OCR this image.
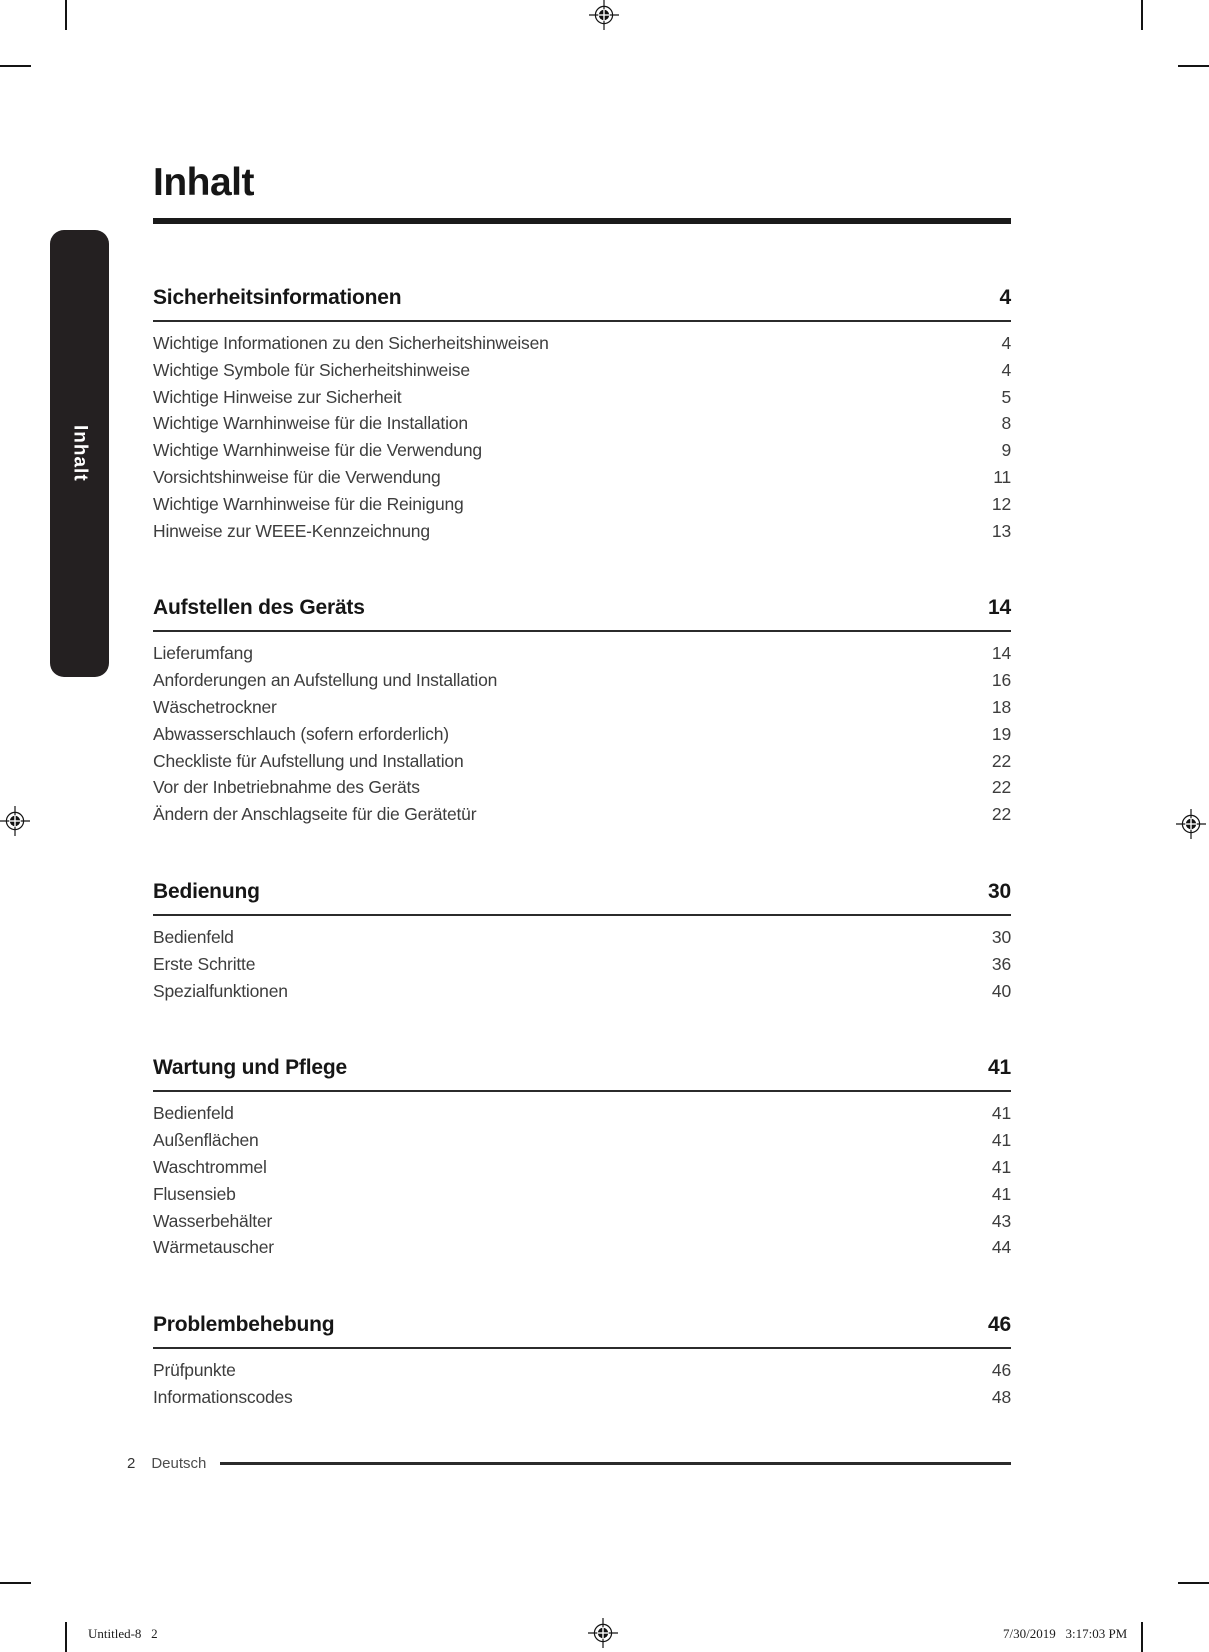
Inhalt
Inhalt
Sicherheitsinformationen	4
Wichtige Informationen zu den Sicherheitshinweisen	4
Wichtige Symbole für Sicherheitshinweise	4
Wichtige Hinweise zur Sicherheit	5
Wichtige Warnhinweise für die Installation	8
Wichtige Warnhinweise für die Verwendung	9
Vorsichtshinweise für die Verwendung	11
Wichtige Warnhinweise für die Reinigung	12
Hinweise zur WEEE-Kennzeichnung	13
Aufstellen des Geräts	14
Lieferumfang	14
Anforderungen an Aufstellung und Installation	16
Wäschetrockner	18
Abwasserschlauch (sofern erforderlich)	19
Checkliste für Aufstellung und Installation	22
Vor der Inbetriebnahme des Geräts	22
Ändern der Anschlagseite für die Gerätetür	22
Bedienung	30
Bedienfeld	30
Erste Schritte	36
Spezialfunktionen	40
Wartung und Pflege	41
Bedienfeld	41
Außenflächen	41
Waschtrommel	41
Flusensieb	41
Wasserbehälter	43
Wärmetauscher	44
Problembehebung	46
Prüfpunkte	46
Informationscodes	48
2 Deutsch
Untitled-8   2	7/30/2019   3:17:03 PM
